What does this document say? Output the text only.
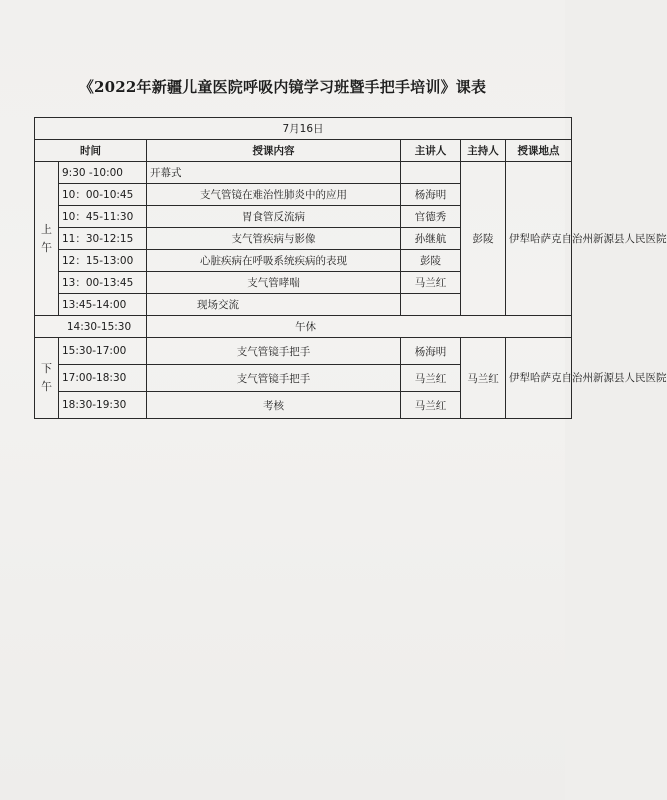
《2022年新疆儿童医院呼吸内镜学习班暨手把手培训》课表
7月16日					
时间		授课内容	主讲人	主持人	授课地点
上
午	9:30 -10:00	开幕式		彭陵	伊犁哈萨克自治州新源县人民医院
	10：00-10:45	支气管镜在难治性肺炎中的应用	杨海明		
	10：45-11:30	胃食管反流病	官德秀		
	11：30-12:15	支气管疾病与影像	孙继航		
	12：15-13:00	心脏疾病在呼吸系统疾病的表现	彭陵		
	13：00-13:45	支气管哮喘	马兰红		
	13:45-14:00	现场交流			
14:30-15:30		午休			
下
午	15:30-17:00	支气管镜手把手	杨海明	马兰红	伊犁哈萨克自治州新源县人民医院
	17:00-18:30	支气管镜手把手	马兰红		
	18:30-19:30	考核	马兰红		
